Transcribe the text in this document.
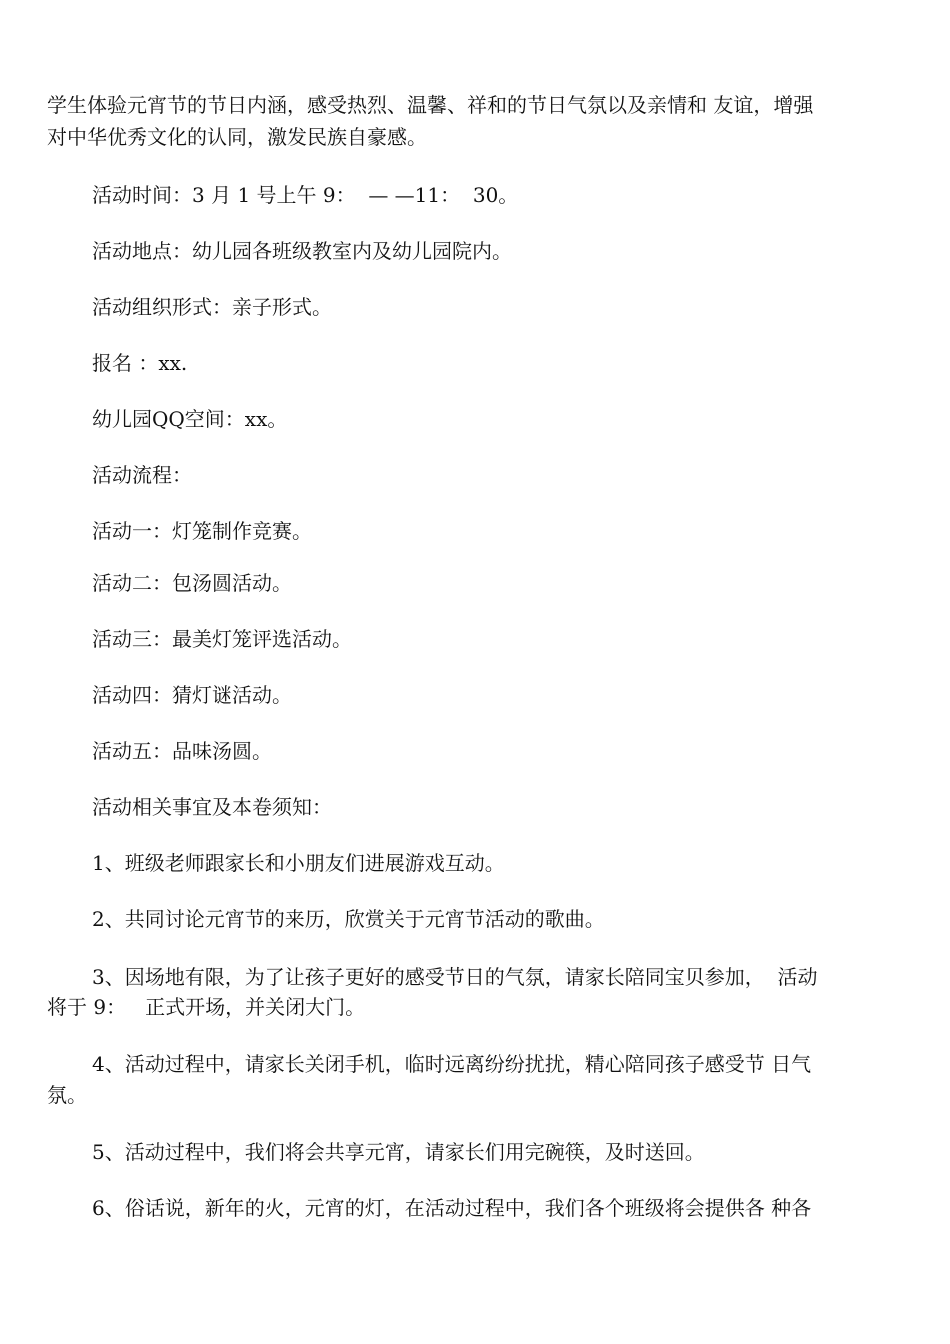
学生体验元宵节的节日内涵，感受热烈、温馨、祥和的节日气氛以及亲情和 友谊，增强

对中华优秀文化的认同，激发民族自豪感。

活动时间：3 月 1 号上午 9：  — —11：  30。

活动地点：幼儿园各班级教室内及幼儿园院内。

活动组织形式：亲子形式。

报名 ：xx.

幼儿园QQ空间：xx。

活动流程：

活动一：灯笼制作竞赛。

活动二：包汤圆活动。

活动三：最美灯笼评选活动。

活动四：猜灯谜活动。

活动五：品味汤圆。

活动相关事宜及本卷须知：

1、班级老师跟家长和小朋友们进展游戏互动。

2、共同讨论元宵节的来历，欣赏关于元宵节活动的歌曲。

3、因场地有限，为了让孩子更好的感受节日的气氛，请家长陪同宝贝参加，  活动

将于 9：   正式开场，并关闭大门。

4、活动过程中，请家长关闭手机，临时远离纷纷扰扰，精心陪同孩子感受节 日气

氛。

5、活动过程中，我们将会共享元宵，请家长们用完碗筷，及时送回。

6、俗话说，新年的火，元宵的灯，在活动过程中，我们各个班级将会提供各 种各
